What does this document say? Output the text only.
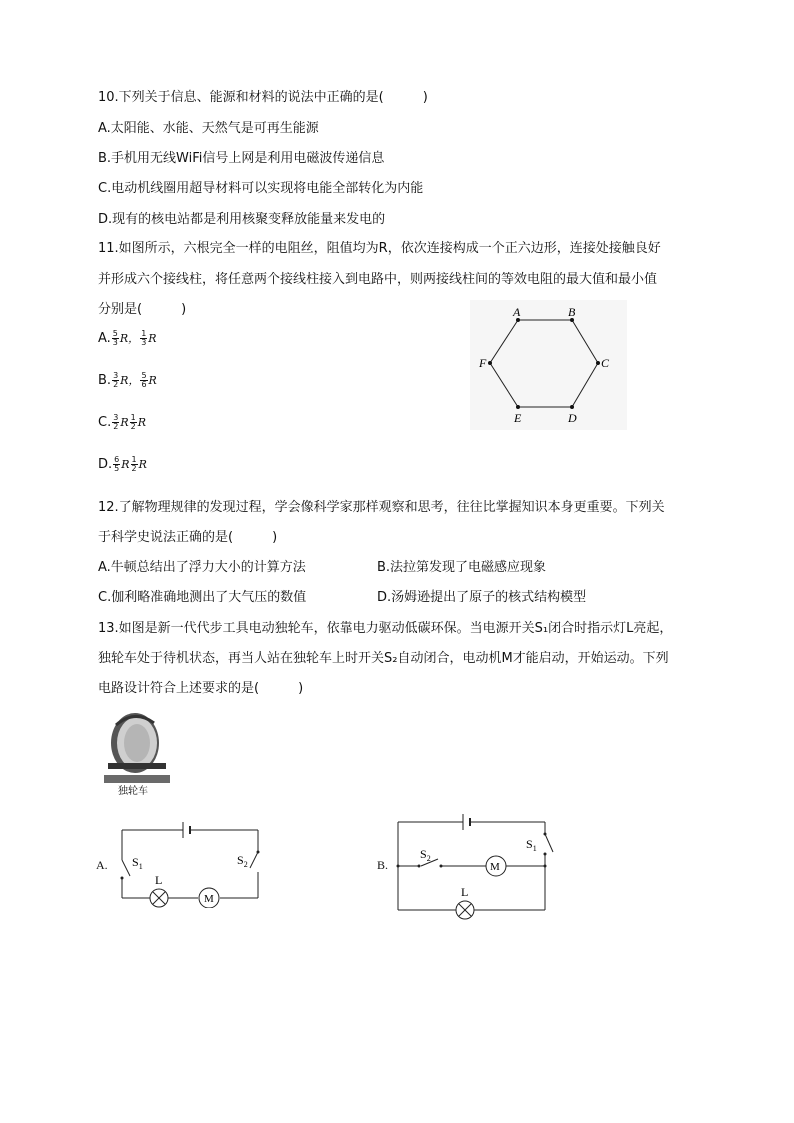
10.下列关于信息、能源和材料的说法中正确的是(　　　)
A.太阳能、水能、天然气是可再生能源
B.手机用无线WiFi信号上网是利用电磁波传递信息
C.电动机线圈用超导材料可以实现将电能全部转化为内能
D.现有的核电站都是利用核聚变释放能量来发电的
11.如图所示，六根完全一样的电阻丝，阻值均为R，依次连接构成一个正六边形，连接处接触良好
并形成六个接线柱，将任意两个接线柱接入到电路中，则两接线柱间的等效电阻的最大值和最小值
分别是(　　　)
A. $\frac{5}{3}$ R， $\frac{1}{3}$ R
B. $\frac{3}{2}$ R， $\frac{5}{6}$ R
C. $\frac{3}{2}$ R $\frac{1}{2}$ R
D. $\frac{6}{5}$ R $\frac{1}{2}$ R
A	B
C
D
E
F
12.了解物理规律的发现过程，学会像科学家那样观察和思考，往往比掌握知识本身更重要。下列关
于科学史说法正确的是(　　　)
A.牛顿总结出了浮力大小的计算方法	B.法拉第发现了电磁感应现象
C.伽利略准确地测出了大气压的数值	D.汤姆逊提出了原子的核式结构模型
13.如图是新一代代步工具电动独轮车，依靠电力驱动低碳环保。当电源开关S₁闭合时指示灯L亮起，
独轮车处于待机状态，再当人站在独轮车上时开关S₂自动闭合，电动机M才能启动，开始运动。下列
电路设计符合上述要求的是(　　　)
独轮车
A. $S_1$	$S_2$
L
M
B.
$S_2$
$S_1$
M
L
